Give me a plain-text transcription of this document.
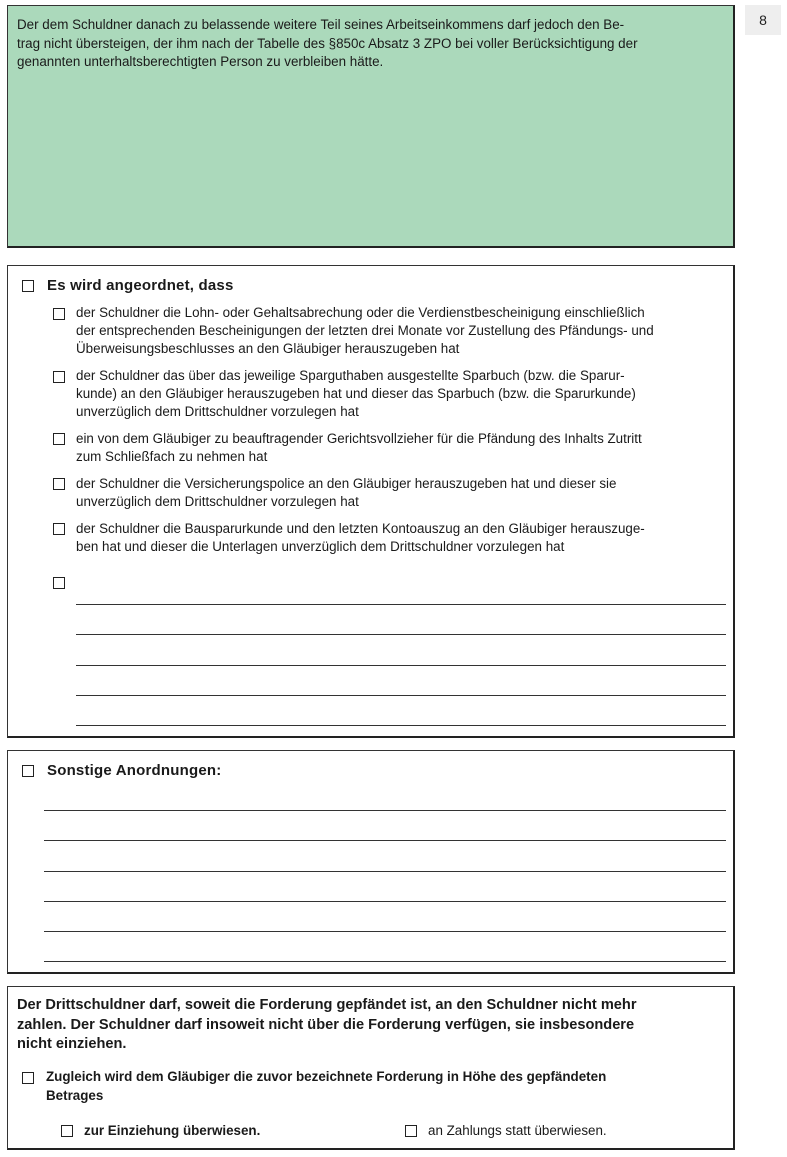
8
Der dem Schuldner danach zu belassende weitere Teil seines Arbeitseinkommens darf jedoch den Be-
trag nicht übersteigen, der ihm nach der Tabelle des §850c Absatz 3 ZPO bei voller Berücksichtigung der
genannten unterhaltsberechtigten Person zu verbleiben hätte.
Es wird angeordnet, dass
der Schuldner die Lohn- oder Gehaltsabrechung oder die Verdienstbescheinigung einschließlich
der entsprechenden Bescheinigungen der letzten drei Monate vor Zustellung des Pfändungs- und
Überweisungsbeschlusses an den Gläubiger herauszugeben hat
der Schuldner das über das jeweilige Sparguthaben ausgestellte Sparbuch (bzw. die Sparur-
kunde) an den Gläubiger herauszugeben hat und dieser das Sparbuch (bzw. die Sparurkunde)
unverzüglich dem Drittschuldner vorzulegen hat
ein von dem Gläubiger zu beauftragender Gerichtsvollzieher für die Pfändung des Inhalts Zutritt
zum Schließfach zu nehmen hat
der Schuldner die Versicherungspolice an den Gläubiger herauszugeben hat und dieser sie
unverzüglich dem Drittschuldner vorzulegen hat
der Schuldner die Bausparurkunde und den letzten Kontoauszug an den Gläubiger herauszuge-
ben hat und dieser die Unterlagen unverzüglich dem Drittschuldner vorzulegen hat
Sonstige Anordnungen:
Der Drittschuldner darf, soweit die Forderung gepfändet ist, an den Schuldner nicht mehr
zahlen. Der Schuldner darf insoweit nicht über die Forderung verfügen, sie insbesondere
nicht einziehen.
Zugleich wird dem Gläubiger die zuvor bezeichnete Forderung in Höhe des gepfändeten
Betrages
zur Einziehung überwiesen.	an Zahlungs statt überwiesen.
